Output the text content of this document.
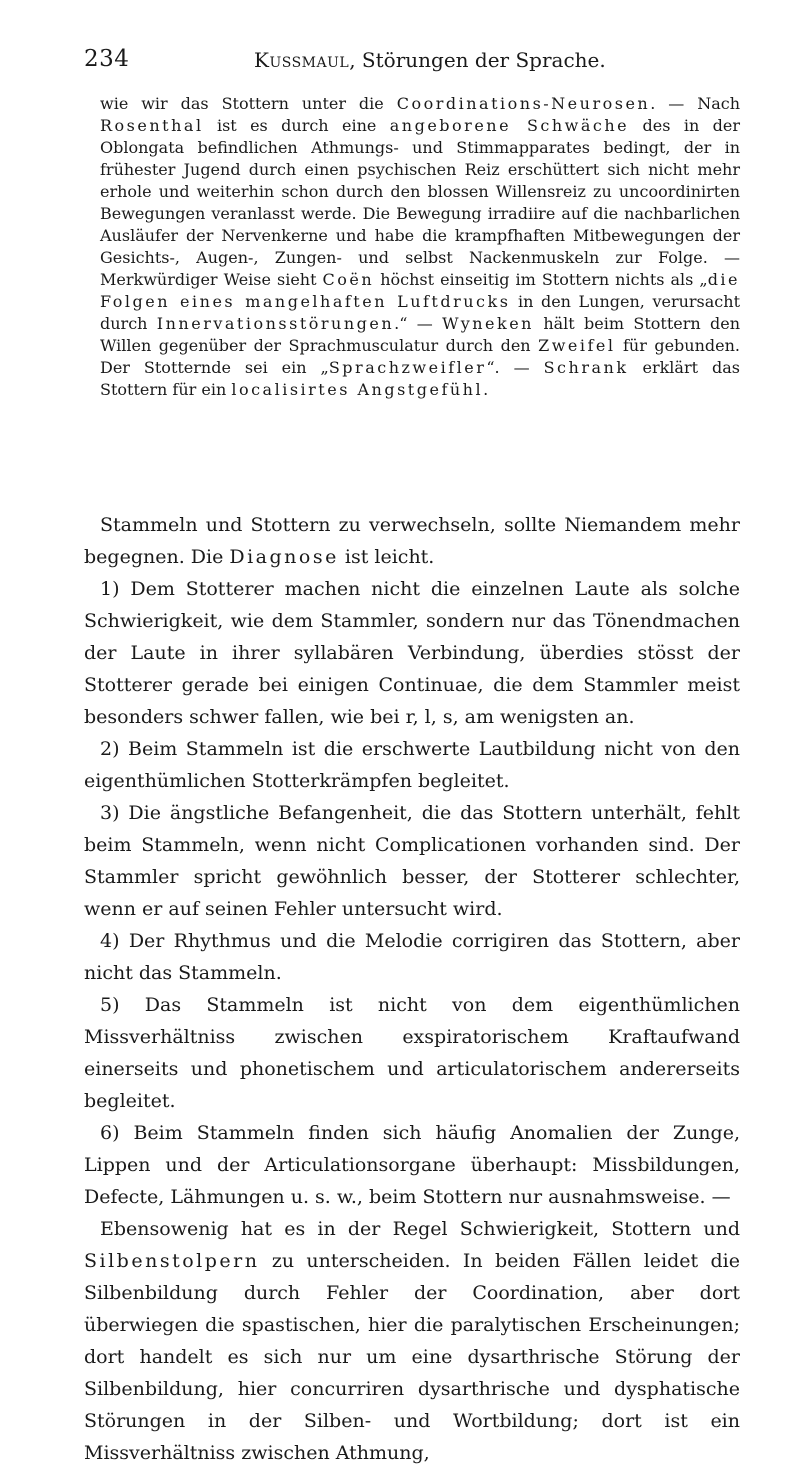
234	Kussmaul, Störungen der Sprache.

wie wir das Stottern unter die Coordinations-Neurosen. — Nach Rosenthal ist es durch eine angeborene Schwäche des in der Oblongata befindlichen Athmungs- und Stimmapparates bedingt, der in frühester Jugend durch einen psychischen Reiz erschüttert sich nicht mehr erhole und weiterhin schon durch den blossen Willensreiz zu uncoordinirten Bewegungen veranlasst werde. Die Bewegung irradiire auf die nachbarlichen Ausläufer der Nervenkerne und habe die krampfhaften Mitbewegungen der Gesichts-, Augen-, Zungen- und selbst Nackenmuskeln zur Folge. — Merkwürdiger Weise sieht Coën höchst einseitig im Stottern nichts als „die Folgen eines mangelhaften Luftdrucks in den Lungen, verursacht durch Innervationsstörungen.“ — Wyneken hält beim Stottern den Willen gegenüber der Sprachmusculatur durch den Zweifel für gebunden. Der Stotternde sei ein „Sprachzweifler“. — Schrank erklärt das Stottern für ein localisirtes Angstgefühl.

Stammeln und Stottern zu verwechseln, sollte Niemandem mehr begegnen. Die Diagnose ist leicht.

1) Dem Stotterer machen nicht die einzelnen Laute als solche Schwierigkeit, wie dem Stammler, sondern nur das Tönendmachen der Laute in ihrer syllabären Verbindung, überdies stösst der Stotterer gerade bei einigen Continuae, die dem Stammler meist besonders schwer fallen, wie bei r, l, s, am wenigsten an.

2) Beim Stammeln ist die erschwerte Lautbildung nicht von den eigenthümlichen Stotterkrämpfen begleitet.

3) Die ängstliche Befangenheit, die das Stottern unterhält, fehlt beim Stammeln, wenn nicht Complicationen vorhanden sind. Der Stammler spricht gewöhnlich besser, der Stotterer schlechter, wenn er auf seinen Fehler untersucht wird.

4) Der Rhythmus und die Melodie corrigiren das Stottern, aber nicht das Stammeln.

5) Das Stammeln ist nicht von dem eigenthümlichen Missverhältniss zwischen exspiratorischem Kraftaufwand einerseits und phonetischem und articulatorischem andererseits begleitet.

6) Beim Stammeln finden sich häufig Anomalien der Zunge, Lippen und der Articulationsorgane überhaupt: Missbildungen, Defecte, Lähmungen u. s. w., beim Stottern nur ausnahmsweise. —

Ebensowenig hat es in der Regel Schwierigkeit, Stottern und Silbenstolpern zu unterscheiden. In beiden Fällen leidet die Silbenbildung durch Fehler der Coordination, aber dort überwiegen die spastischen, hier die paralytischen Erscheinungen; dort handelt es sich nur um eine dysarthrische Störung der Silbenbildung, hier concurriren dysarthrische und dysphatische Störungen in der Silben- und Wortbildung; dort ist ein Missverhältniss zwischen Athmung,
